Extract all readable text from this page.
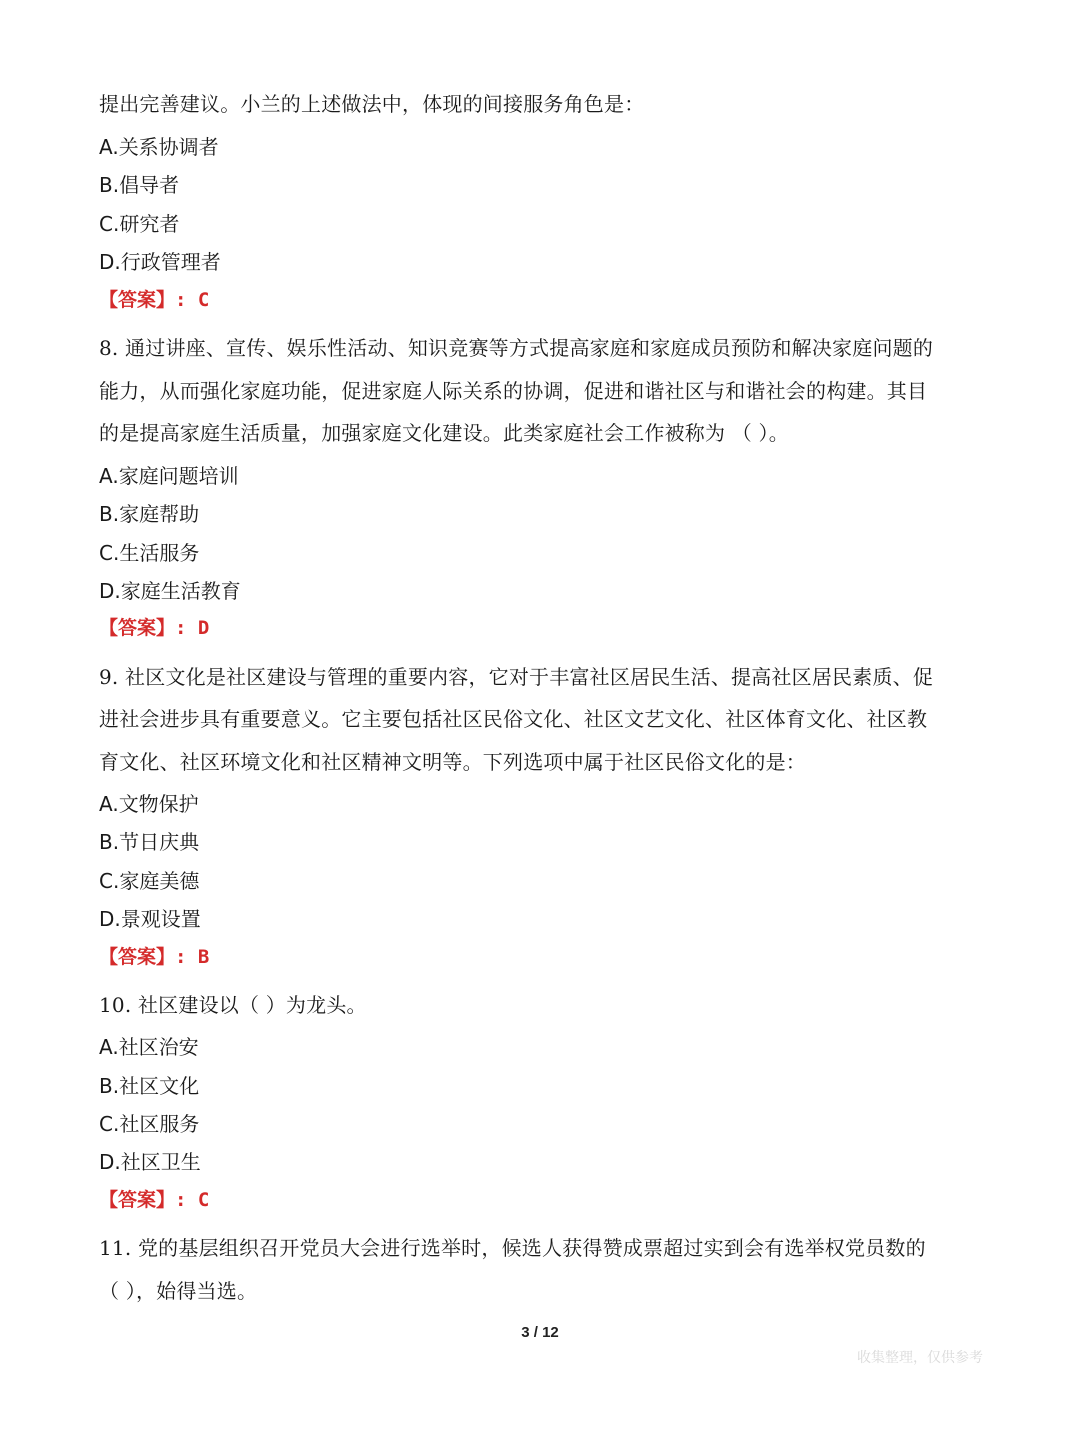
提出完善建议。小兰的上述做法中，体现的间接服务角色是：
A.关系协调者
B.倡导者
C.研究者
D.行政管理者
【答案】: C
8. 通过讲座、宣传、娱乐性活动、知识竞赛等方式提高家庭和家庭成员预防和解决家庭问题的
能力，从而强化家庭功能，促进家庭人际关系的协调，促进和谐社区与和谐社会的构建。其目
的是提高家庭生活质量，加强家庭文化建设。此类家庭社会工作被称为 （ ）。
A.家庭问题培训
B.家庭帮助
C.生活服务
D.家庭生活教育
【答案】: D
9. 社区文化是社区建设与管理的重要内容，它对于丰富社区居民生活、提高社区居民素质、促
进社会进步具有重要意义。它主要包括社区民俗文化、社区文艺文化、社区体育文化、社区教
育文化、社区环境文化和社区精神文明等。下列选项中属于社区民俗文化的是：
A.文物保护
B.节日庆典
C.家庭美德
D.景观设置
【答案】: B
10. 社区建设以（ ）为龙头。
A.社区治安
B.社区文化
C.社区服务
D.社区卫生
【答案】: C
11. 党的基层组织召开党员大会进行选举时，候选人获得赞成票超过实到会有选举权党员数的
（ ），始得当选。
3 / 12
收集整理，仅供参考
